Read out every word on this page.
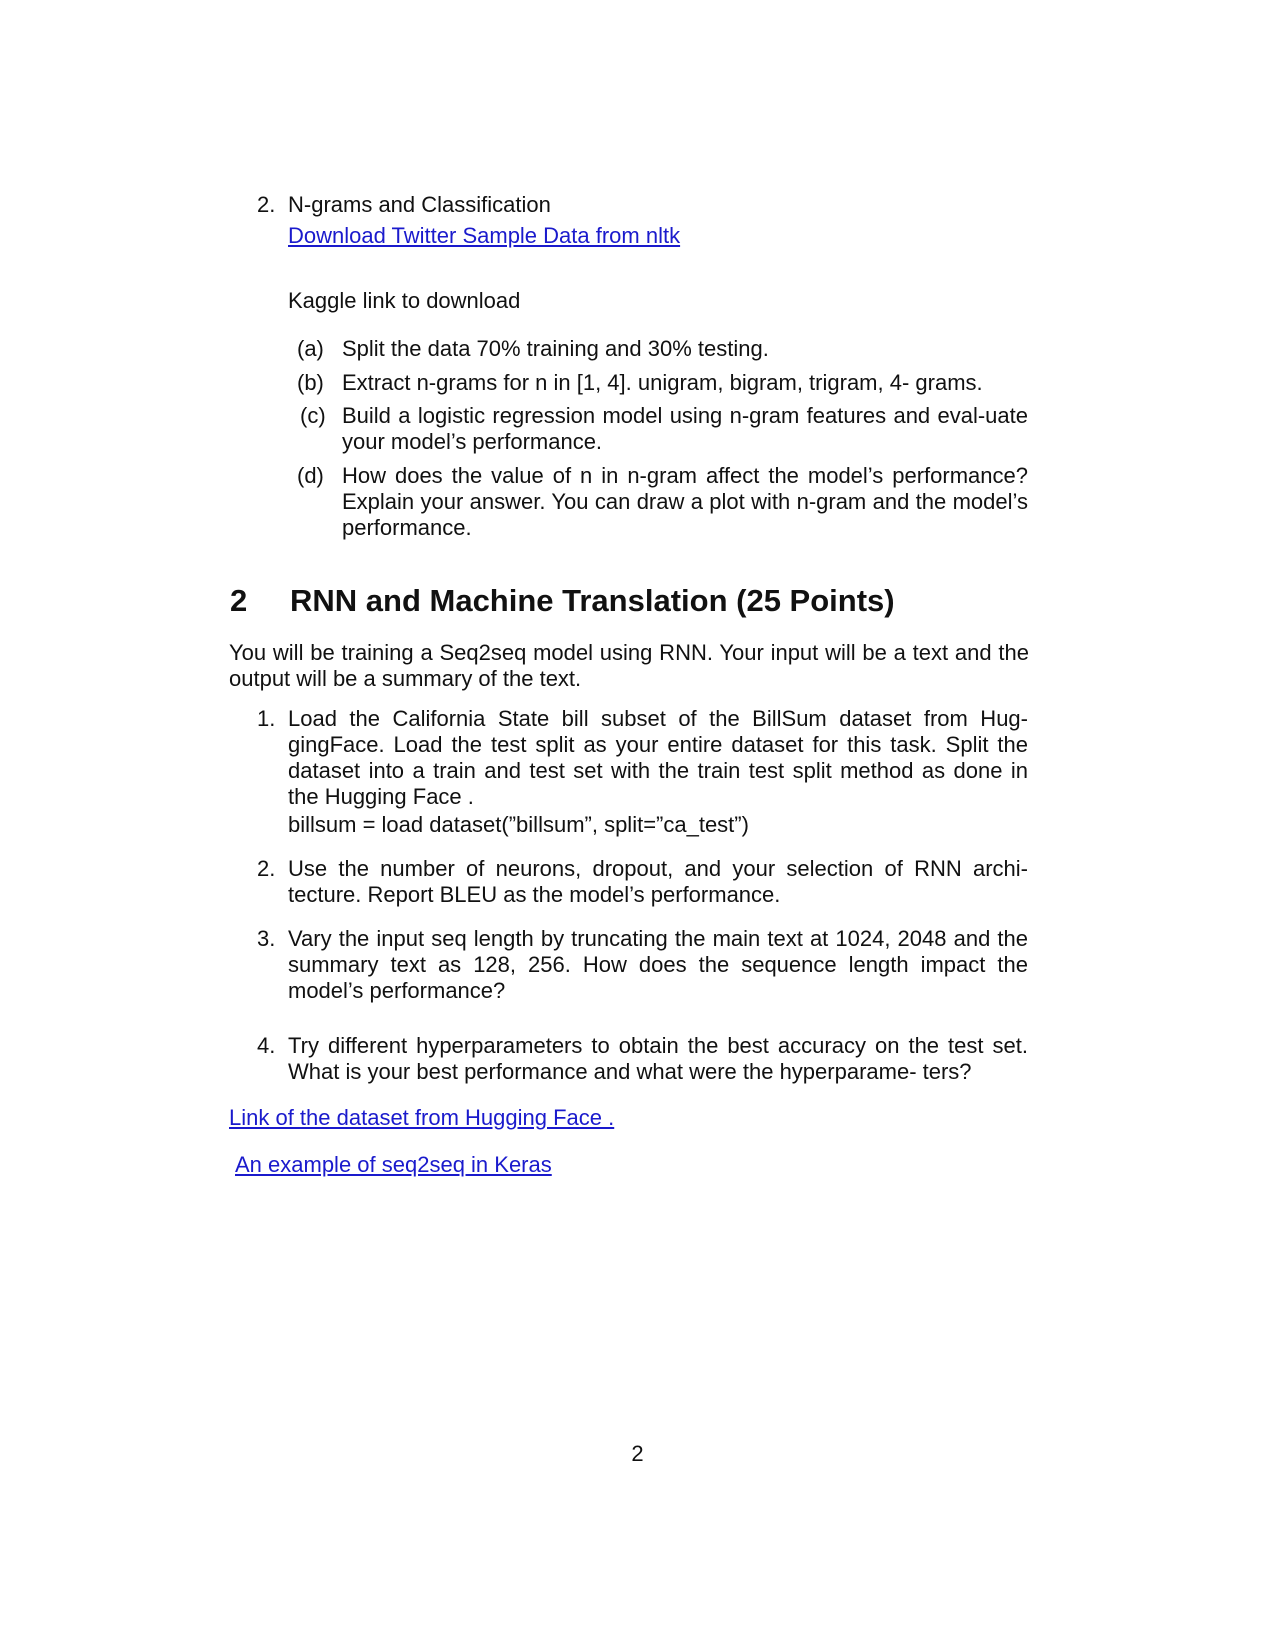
2. N-grams and Classification
Download Twitter Sample Data from nltk
Kaggle link to download
(a) Split the data 70% training and 30% testing.
(b) Extract n-grams for n in [1, 4]. unigram, bigram, trigram, 4- grams.
(c) Build a logistic regression model using n-gram features and eval-uate your model’s performance.
(d) How does the value of n in n-gram affect the model’s performance? Explain your answer. You can draw a plot with n-gram and the model’s performance.
2 RNN and Machine Translation (25 Points)
You will be training a Seq2seq model using RNN. Your input will be a text and the output will be a summary of the text.
1. Load the California State bill subset of the BillSum dataset from Hug-gingFace. Load the test split as your entire dataset for this task. Split the dataset into a train and test set with the train test split method as done in the Hugging Face .
billsum = load dataset(”billsum”, split=”ca_test”)
2. Use the number of neurons, dropout, and your selection of RNN archi-tecture. Report BLEU as the model’s performance.
3. Vary the input seq length by truncating the main text at 1024, 2048 and the summary text as 128, 256. How does the sequence length impact the model’s performance?
4. Try different hyperparameters to obtain the best accuracy on the test set. What is your best performance and what were the hyperparame- ters?
Link of the dataset from Hugging Face .
An example of seq2seq in Keras
2
